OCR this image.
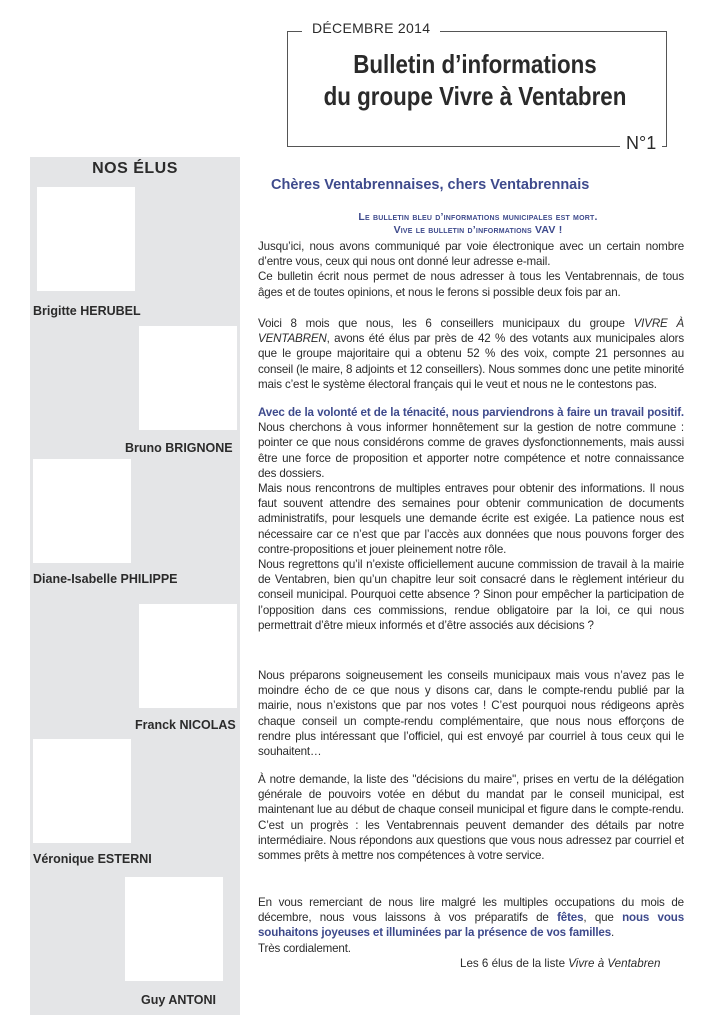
DÉCEMBRE 2014
Bulletin d’informations
du groupe Vivre à Ventabren
N°1
NOS ÉLUS
Brigitte HERUBEL
Bruno BRIGNONE
Diane-Isabelle PHILIPPE
Franck NICOLAS
Véronique ESTERNI
Guy ANTONI
Chères Ventabrennaises, chers Ventabrennais
Le bulletin bleu d’informations municipales est mort.
Vive le bulletin d’informations VAV !
Jusqu’ici, nous avons communiqué par voie électronique avec un certain nombre d’entre vous, ceux qui nous ont donné leur adresse e-mail.
Ce bulletin écrit nous permet de nous adresser à tous les Ventabrennais, de tous âges et de toutes opinions, et nous le ferons si possible deux fois par an.
Voici 8 mois que nous, les 6 conseillers municipaux du groupe VIVRE À VENTABREN, avons été élus par près de 42 % des votants aux municipales alors que le groupe majoritaire qui a obtenu 52 % des voix, compte 21 personnes au conseil (le maire, 8 adjoints et 12 conseillers). Nous sommes donc une petite minorité mais c’est le système électoral français qui le veut et nous ne le contestons pas.
Avec de la volonté et de la ténacité, nous parviendrons à faire un travail positif. Nous cherchons à vous informer honnêtement sur la gestion de notre commune : pointer ce que nous considérons comme de graves dysfonctionnements, mais aussi être une force de proposition et apporter notre compétence et notre connaissance des dossiers.
Mais nous rencontrons de multiples entraves pour obtenir des informations. Il nous faut souvent attendre des semaines pour obtenir communication de documents administratifs, pour lesquels une demande écrite est exigée. La patience nous est nécessaire car ce n’est que par l’accès aux données que nous pouvons forger des contre-propositions et jouer pleinement notre rôle.
Nous regrettons qu’il n’existe officiellement aucune commission de travail à la mairie de Ventabren, bien qu’un chapitre leur soit consacré dans le règlement intérieur du conseil municipal. Pourquoi cette absence ? Sinon pour empêcher la participation de l’opposition dans ces commissions, rendue obligatoire par la loi, ce qui nous permettrait d’être mieux informés et d’être associés aux décisions ?
Nous préparons soigneusement les conseils municipaux mais vous n’avez pas le moindre écho de ce que nous y disons car, dans le compte-rendu publié par la mairie, nous n’existons que par nos votes ! C’est pourquoi nous rédigeons après chaque conseil un compte-rendu complémentaire, que nous nous efforçons de rendre plus intéressant que l’officiel, qui est envoyé par courriel à tous ceux qui le souhaitent…
À notre demande, la liste des "décisions du maire", prises en vertu de la délégation générale de pouvoirs votée en début du mandat par le conseil municipal, est maintenant lue au début de chaque conseil municipal et figure dans le compte-rendu. C’est un progrès : les Ventabrennais peuvent demander des détails par notre intermédiaire. Nous répondons aux questions que vous nous adressez par courriel et sommes prêts à mettre nos compétences à votre service.
En vous remerciant de nous lire malgré les multiples occupations du mois de décembre, nous vous laissons à vos préparatifs de fêtes, que nous vous souhaitons joyeuses et illuminées par la présence de vos familles.
Très cordialement.
Les 6 élus de la liste Vivre à Ventabren
